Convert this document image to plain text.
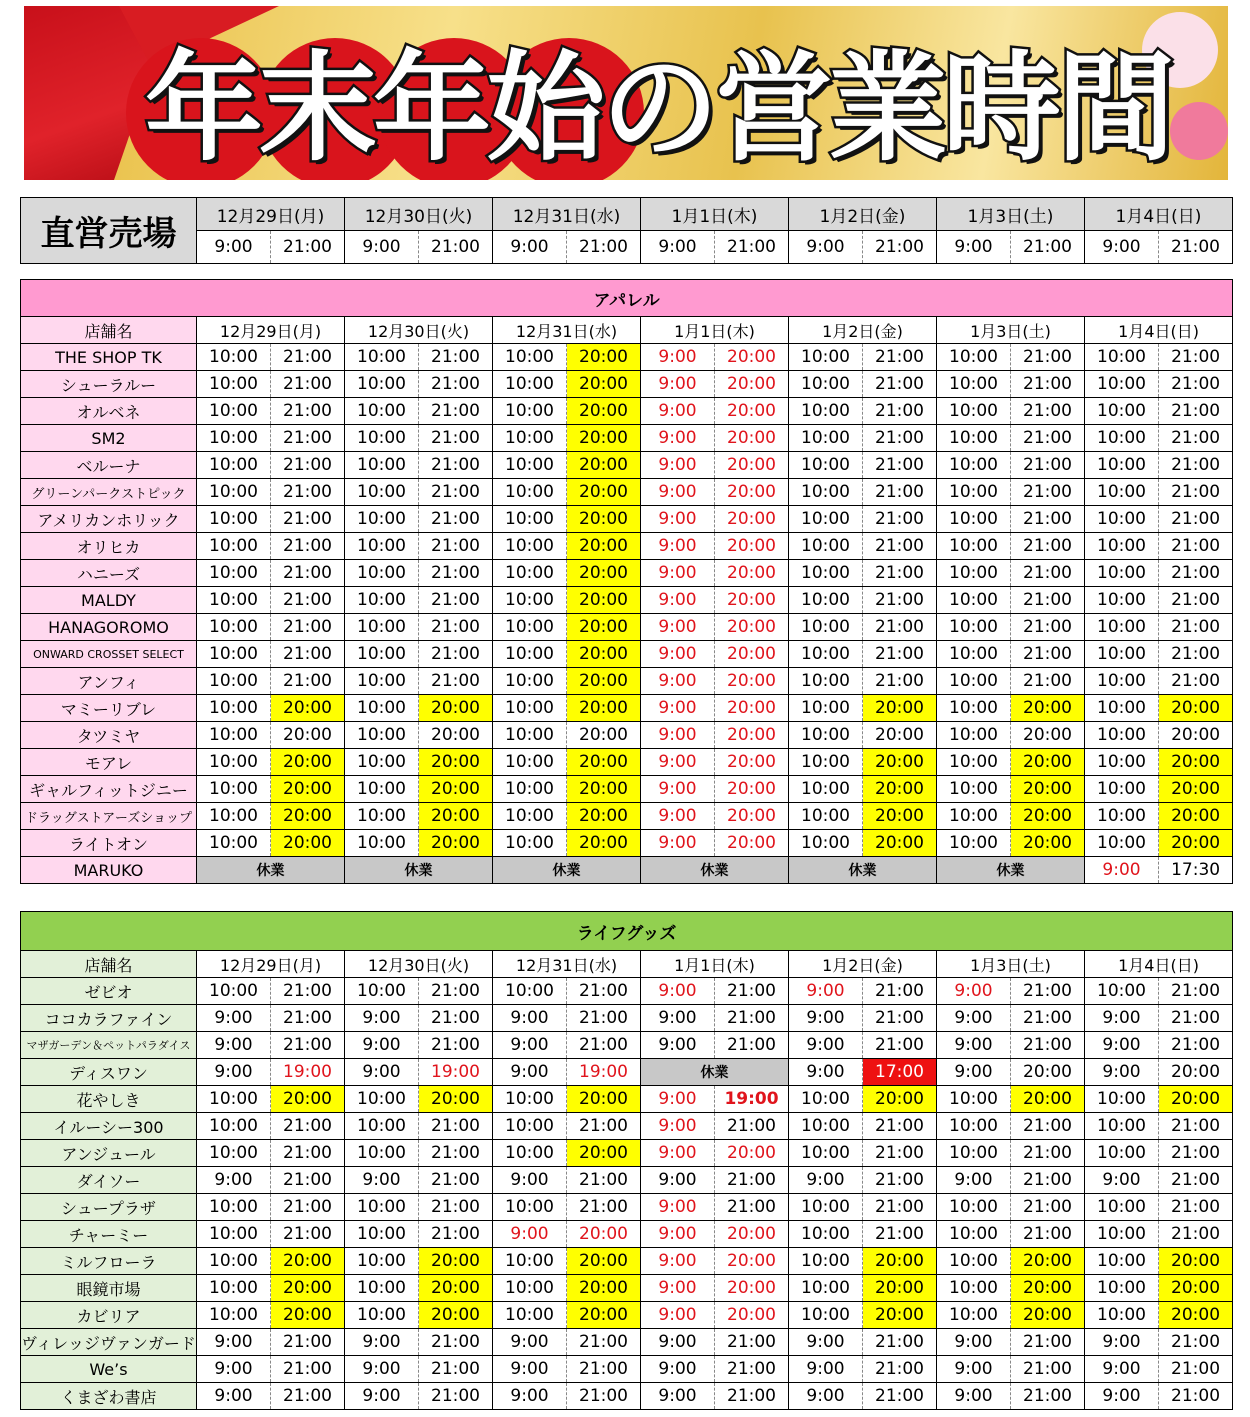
年末年始の営業時間
直営売場	12月29日(月)		12月30日(火)		12月31日(水)		1月1日(木)		1月2日(金)		1月3日(土)		1月4日(日)	
	9:00	21:00	9:00	21:00	9:00	21:00	9:00	21:00	9:00	21:00	9:00	21:00	9:00	21:00
アパレル														
店舗名	12月29日(月)		12月30日(火)		12月31日(水)		1月1日(木)		1月2日(金)		1月3日(土)		1月4日(日)	
THE SHOP TK	10:00	21:00	10:00	21:00	10:00	20:00	9:00	20:00	10:00	21:00	10:00	21:00	10:00	21:00
シューラルー	10:00	21:00	10:00	21:00	10:00	20:00	9:00	20:00	10:00	21:00	10:00	21:00	10:00	21:00
オルベネ	10:00	21:00	10:00	21:00	10:00	20:00	9:00	20:00	10:00	21:00	10:00	21:00	10:00	21:00
SM2	10:00	21:00	10:00	21:00	10:00	20:00	9:00	20:00	10:00	21:00	10:00	21:00	10:00	21:00
ベルーナ	10:00	21:00	10:00	21:00	10:00	20:00	9:00	20:00	10:00	21:00	10:00	21:00	10:00	21:00
グリーンパークストピック	10:00	21:00	10:00	21:00	10:00	20:00	9:00	20:00	10:00	21:00	10:00	21:00	10:00	21:00
アメリカンホリック	10:00	21:00	10:00	21:00	10:00	20:00	9:00	20:00	10:00	21:00	10:00	21:00	10:00	21:00
オリヒカ	10:00	21:00	10:00	21:00	10:00	20:00	9:00	20:00	10:00	21:00	10:00	21:00	10:00	21:00
ハニーズ	10:00	21:00	10:00	21:00	10:00	20:00	9:00	20:00	10:00	21:00	10:00	21:00	10:00	21:00
MALDY	10:00	21:00	10:00	21:00	10:00	20:00	9:00	20:00	10:00	21:00	10:00	21:00	10:00	21:00
HANAGOROMO	10:00	21:00	10:00	21:00	10:00	20:00	9:00	20:00	10:00	21:00	10:00	21:00	10:00	21:00
ONWARD CROSSET SELECT	10:00	21:00	10:00	21:00	10:00	20:00	9:00	20:00	10:00	21:00	10:00	21:00	10:00	21:00
アンフィ	10:00	21:00	10:00	21:00	10:00	20:00	9:00	20:00	10:00	21:00	10:00	21:00	10:00	21:00
マミーリブレ	10:00	20:00	10:00	20:00	10:00	20:00	9:00	20:00	10:00	20:00	10:00	20:00	10:00	20:00
タツミヤ	10:00	20:00	10:00	20:00	10:00	20:00	9:00	20:00	10:00	20:00	10:00	20:00	10:00	20:00
モアレ	10:00	20:00	10:00	20:00	10:00	20:00	9:00	20:00	10:00	20:00	10:00	20:00	10:00	20:00
ギャルフィットジニー	10:00	20:00	10:00	20:00	10:00	20:00	9:00	20:00	10:00	20:00	10:00	20:00	10:00	20:00
ドラッグストアーズショップ	10:00	20:00	10:00	20:00	10:00	20:00	9:00	20:00	10:00	20:00	10:00	20:00	10:00	20:00
ライトオン	10:00	20:00	10:00	20:00	10:00	20:00	9:00	20:00	10:00	20:00	10:00	20:00	10:00	20:00
MARUKO	休業		休業		休業		休業		休業		休業		9:00	17:30
ライフグッズ														
店舗名	12月29日(月)		12月30日(火)		12月31日(水)		1月1日(木)		1月2日(金)		1月3日(土)		1月4日(日)	
ゼビオ	10:00	21:00	10:00	21:00	10:00	21:00	9:00	21:00	9:00	21:00	9:00	21:00	10:00	21:00
ココカラファイン	9:00	21:00	9:00	21:00	9:00	21:00	9:00	21:00	9:00	21:00	9:00	21:00	9:00	21:00
マザガーデン＆ペットパラダイス	9:00	21:00	9:00	21:00	9:00	21:00	9:00	21:00	9:00	21:00	9:00	21:00	9:00	21:00
ディスワン	9:00	19:00	9:00	19:00	9:00	19:00	休業		9:00	17:00	9:00	20:00	9:00	20:00
花やしき	10:00	20:00	10:00	20:00	10:00	20:00	9:00	19:00	10:00	20:00	10:00	20:00	10:00	20:00
イルーシー300	10:00	21:00	10:00	21:00	10:00	21:00	9:00	21:00	10:00	21:00	10:00	21:00	10:00	21:00
アンジュール	10:00	21:00	10:00	21:00	10:00	20:00	9:00	20:00	10:00	21:00	10:00	21:00	10:00	21:00
ダイソー	9:00	21:00	9:00	21:00	9:00	21:00	9:00	21:00	9:00	21:00	9:00	21:00	9:00	21:00
シュープラザ	10:00	21:00	10:00	21:00	10:00	21:00	9:00	21:00	10:00	21:00	10:00	21:00	10:00	21:00
チャーミー	10:00	21:00	10:00	21:00	9:00	20:00	9:00	20:00	10:00	21:00	10:00	21:00	10:00	21:00
ミルフローラ	10:00	20:00	10:00	20:00	10:00	20:00	9:00	20:00	10:00	20:00	10:00	20:00	10:00	20:00
眼鏡市場	10:00	20:00	10:00	20:00	10:00	20:00	9:00	20:00	10:00	20:00	10:00	20:00	10:00	20:00
カビリア	10:00	20:00	10:00	20:00	10:00	20:00	9:00	20:00	10:00	20:00	10:00	20:00	10:00	20:00
ヴィレッジヴァンガード	9:00	21:00	9:00	21:00	9:00	21:00	9:00	21:00	9:00	21:00	9:00	21:00	9:00	21:00
We’s	9:00	21:00	9:00	21:00	9:00	21:00	9:00	21:00	9:00	21:00	9:00	21:00	9:00	21:00
くまざわ書店	9:00	21:00	9:00	21:00	9:00	21:00	9:00	21:00	9:00	21:00	9:00	21:00	9:00	21:00
